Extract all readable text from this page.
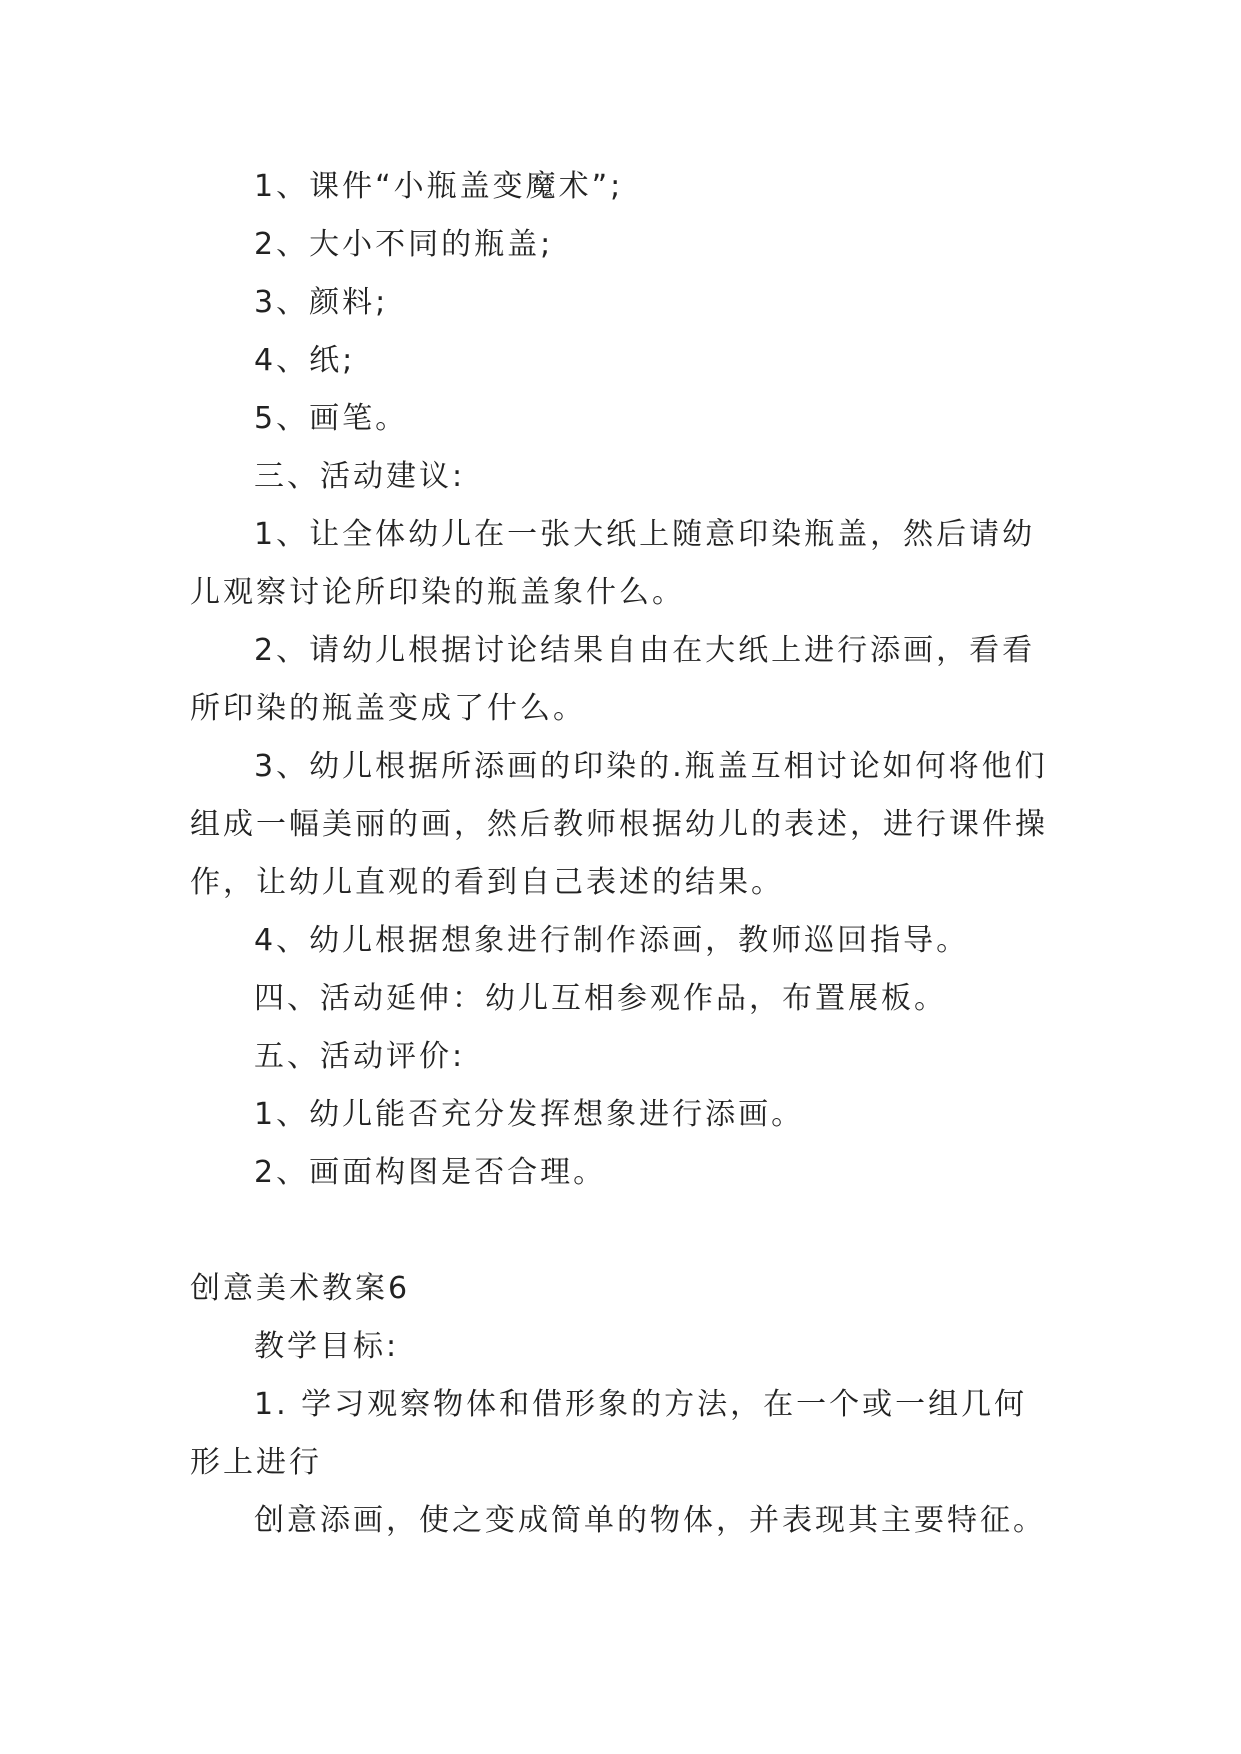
1、课件“小瓶盖变魔术”;

2、大小不同的瓶盖;

3、颜料;

4、纸;

5、画笔。

三、活动建议:

1、让全体幼儿在一张大纸上随意印染瓶盖，然后请幼

儿观察讨论所印染的瓶盖象什么。

2、请幼儿根据讨论结果自由在大纸上进行添画，看看

所印染的瓶盖变成了什么。

3、幼儿根据所添画的印染的.瓶盖互相讨论如何将他们

组成一幅美丽的画，然后教师根据幼儿的表述，进行课件操

作，让幼儿直观的看到自己表述的结果。

4、幼儿根据想象进行制作添画，教师巡回指导。

四、活动延伸：幼儿互相参观作品，布置展板。

五、活动评价:

1、幼儿能否充分发挥想象进行添画。

2、画面构图是否合理。

创意美术教案6

教学目标:

1. 学习观察物体和借形象的方法，在一个或一组几何

形上进行

创意添画，使之变成简单的物体，并表现其主要特征。
